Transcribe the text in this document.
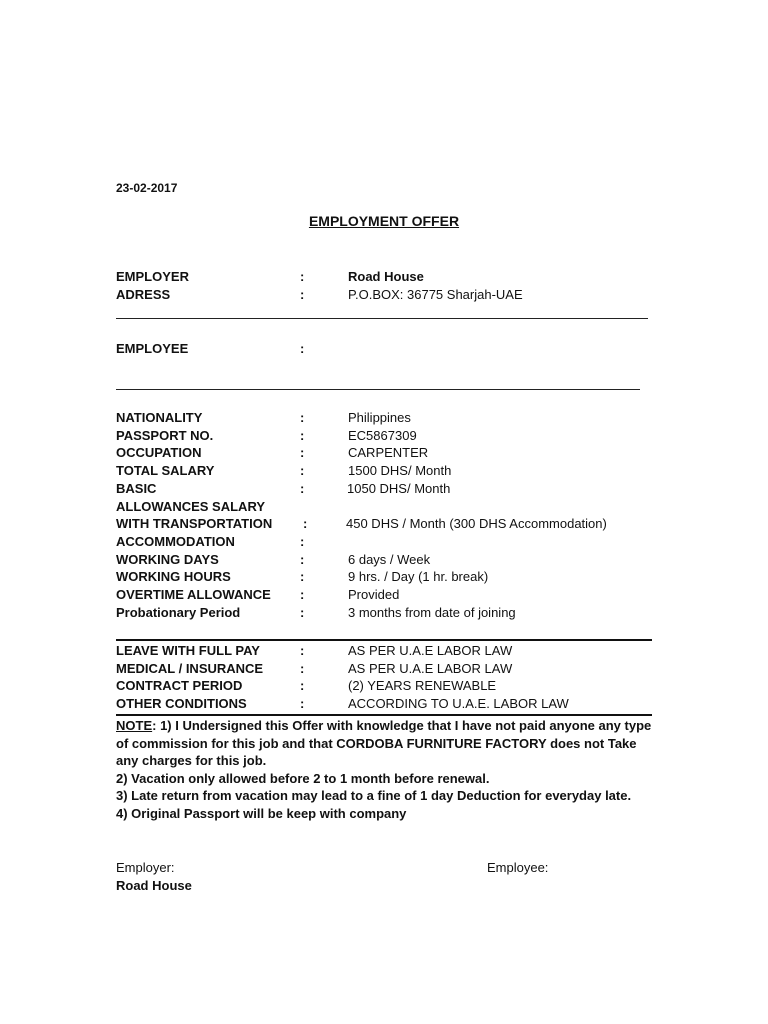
23-02-2017
EMPLOYMENT OFFER
EMPLOYER	:	Road House
ADRESS	:	P.O.BOX: 36775 Sharjah-UAE
EMPLOYEE	:
NATIONALITY	:	Philippines
PASSPORT NO.	:	EC5867309
OCCUPATION	:	CARPENTER
TOTAL SALARY	:	1500 DHS/ Month
BASIC	:	1050 DHS/ Month
ALLOWANCES SALARY
WITH TRANSPORTATION	:	450 DHS / Month (300 DHS Accommodation)
ACCOMMODATION	:
WORKING DAYS	:	6 days / Week
WORKING HOURS	:	9 hrs. / Day (1 hr. break)
OVERTIME ALLOWANCE	:	Provided
Probationary Period	:	3 months from date of joining
LEAVE WITH FULL PAY	:	AS PER U.A.E LABOR LAW
MEDICAL / INSURANCE	:	AS PER U.A.E LABOR LAW
CONTRACT PERIOD	:	(2) YEARS RENEWABLE
OTHER CONDITIONS	:	ACCORDING TO U.A.E. LABOR LAW
NOTE: 1) I Undersigned this Offer with knowledge that I have not paid anyone any type of commission for this job and that CORDOBA FURNITURE FACTORY does not Take any charges for this job.
2) Vacation only allowed before 2 to 1 month before renewal.
3) Late return from vacation may lead to a fine of 1 day Deduction for everyday late.
4) Original Passport will be keep with company
Employer:
Road House
Employee:
